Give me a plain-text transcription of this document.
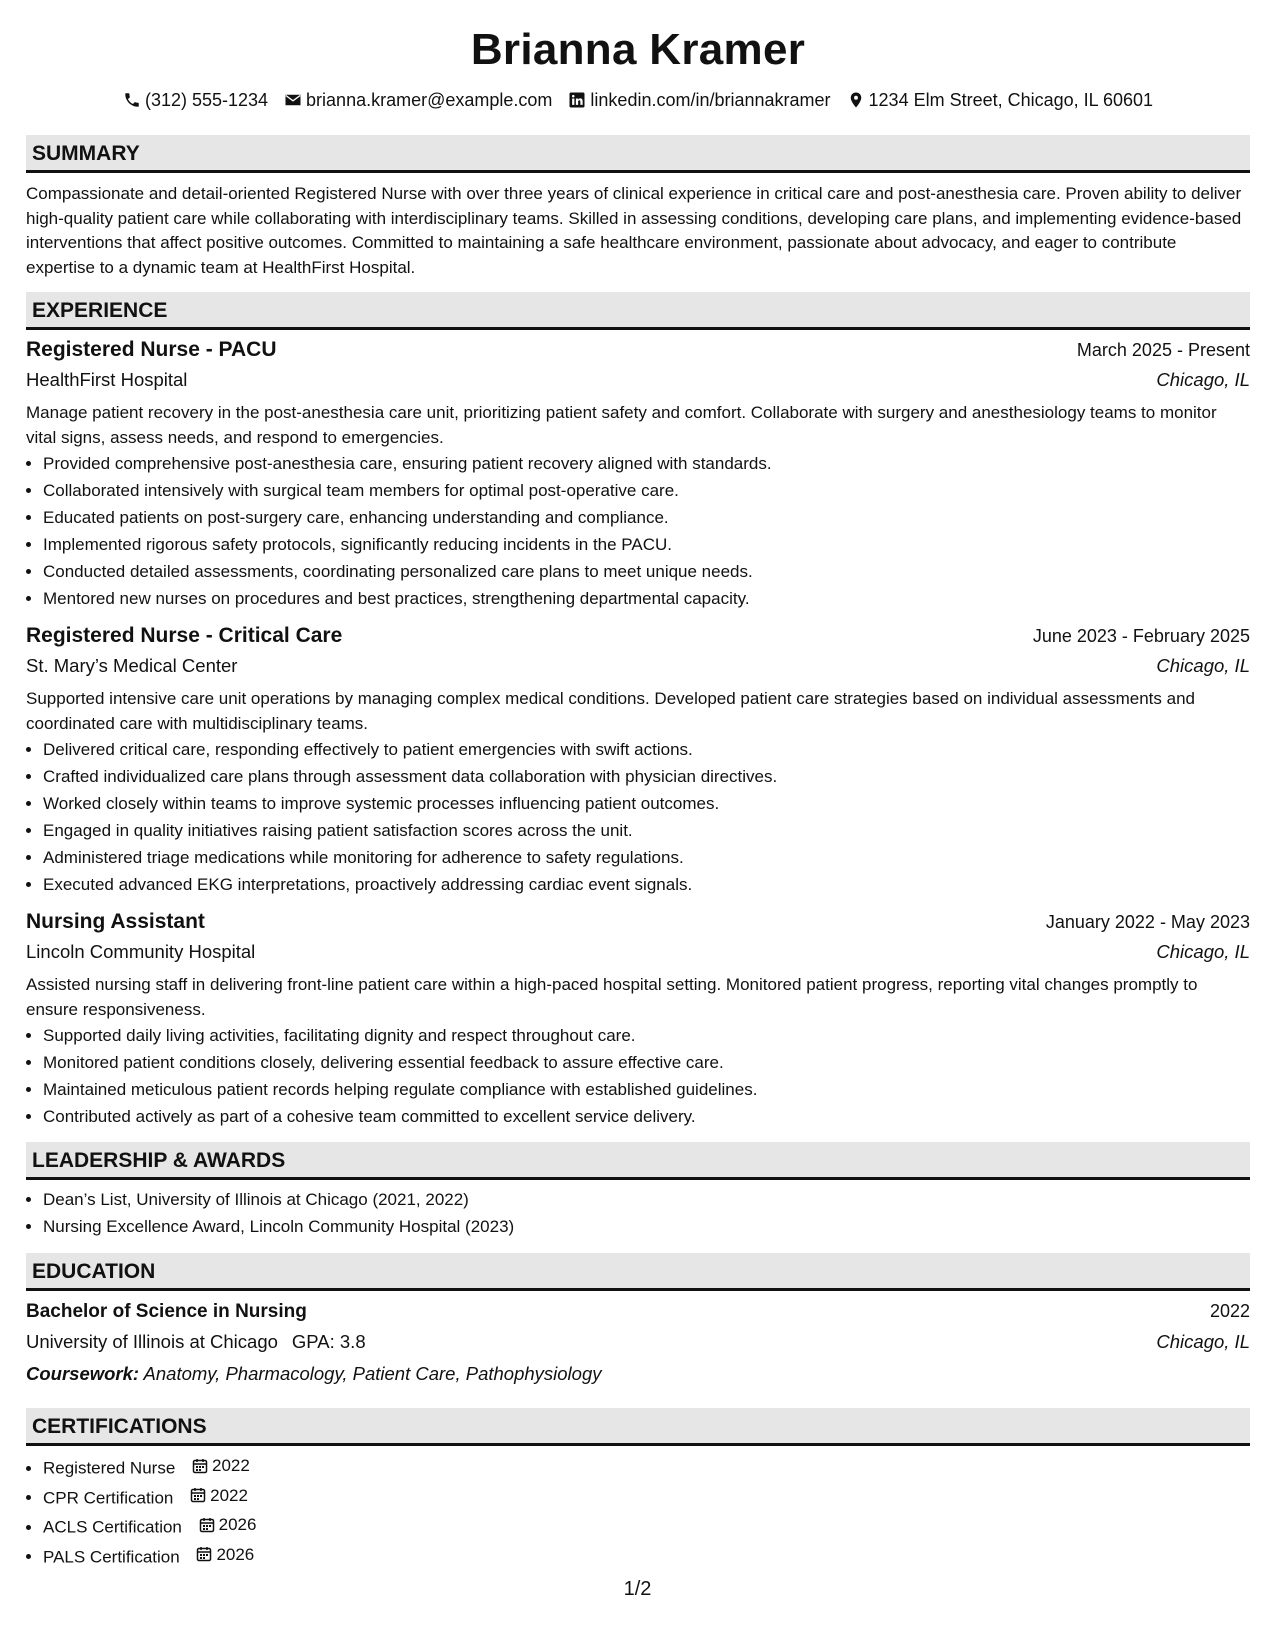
Brianna Kramer
(312) 555-1234 brianna.kramer@example.com linkedin.com/in/briannakramer 1234 Elm Street, Chicago, IL 60601
SUMMARY
Compassionate and detail-oriented Registered Nurse with over three years of clinical experience in critical care and post-anesthesia care. Proven ability to deliver high-quality patient care while collaborating with interdisciplinary teams. Skilled in assessing conditions, developing care plans, and implementing evidence-based interventions that affect positive outcomes. Committed to maintaining a safe healthcare environment, passionate about advocacy, and eager to contribute expertise to a dynamic team at HealthFirst Hospital.
EXPERIENCE
Registered Nurse - PACU	March 2025 - Present
HealthFirst Hospital	Chicago, IL
Manage patient recovery in the post-anesthesia care unit, prioritizing patient safety and comfort. Collaborate with surgery and anesthesiology teams to monitor vital signs, assess needs, and respond to emergencies.
• Provided comprehensive post-anesthesia care, ensuring patient recovery aligned with standards.
• Collaborated intensively with surgical team members for optimal post-operative care.
• Educated patients on post-surgery care, enhancing understanding and compliance.
• Implemented rigorous safety protocols, significantly reducing incidents in the PACU.
• Conducted detailed assessments, coordinating personalized care plans to meet unique needs.
• Mentored new nurses on procedures and best practices, strengthening departmental capacity.
Registered Nurse - Critical Care	June 2023 - February 2025
St. Mary’s Medical Center	Chicago, IL
Supported intensive care unit operations by managing complex medical conditions. Developed patient care strategies based on individual assessments and coordinated care with multidisciplinary teams.
• Delivered critical care, responding effectively to patient emergencies with swift actions.
• Crafted individualized care plans through assessment data collaboration with physician directives.
• Worked closely within teams to improve systemic processes influencing patient outcomes.
• Engaged in quality initiatives raising patient satisfaction scores across the unit.
• Administered triage medications while monitoring for adherence to safety regulations.
• Executed advanced EKG interpretations, proactively addressing cardiac event signals.
Nursing Assistant	January 2022 - May 2023
Lincoln Community Hospital	Chicago, IL
Assisted nursing staff in delivering front-line patient care within a high-paced hospital setting. Monitored patient progress, reporting vital changes promptly to ensure responsiveness.
• Supported daily living activities, facilitating dignity and respect throughout care.
• Monitored patient conditions closely, delivering essential feedback to assure effective care.
• Maintained meticulous patient records helping regulate compliance with established guidelines.
• Contributed actively as part of a cohesive team committed to excellent service delivery.
LEADERSHIP & AWARDS
• Dean’s List, University of Illinois at Chicago (2021, 2022)
• Nursing Excellence Award, Lincoln Community Hospital (2023)
EDUCATION
Bachelor of Science in Nursing	2022
University of Illinois at Chicago GPA: 3.8	Chicago, IL
Coursework: Anatomy, Pharmacology, Patient Care, Pathophysiology
CERTIFICATIONS
• Registered Nurse 2022
• CPR Certification 2022
• ACLS Certification 2026
• PALS Certification 2026
1/2
